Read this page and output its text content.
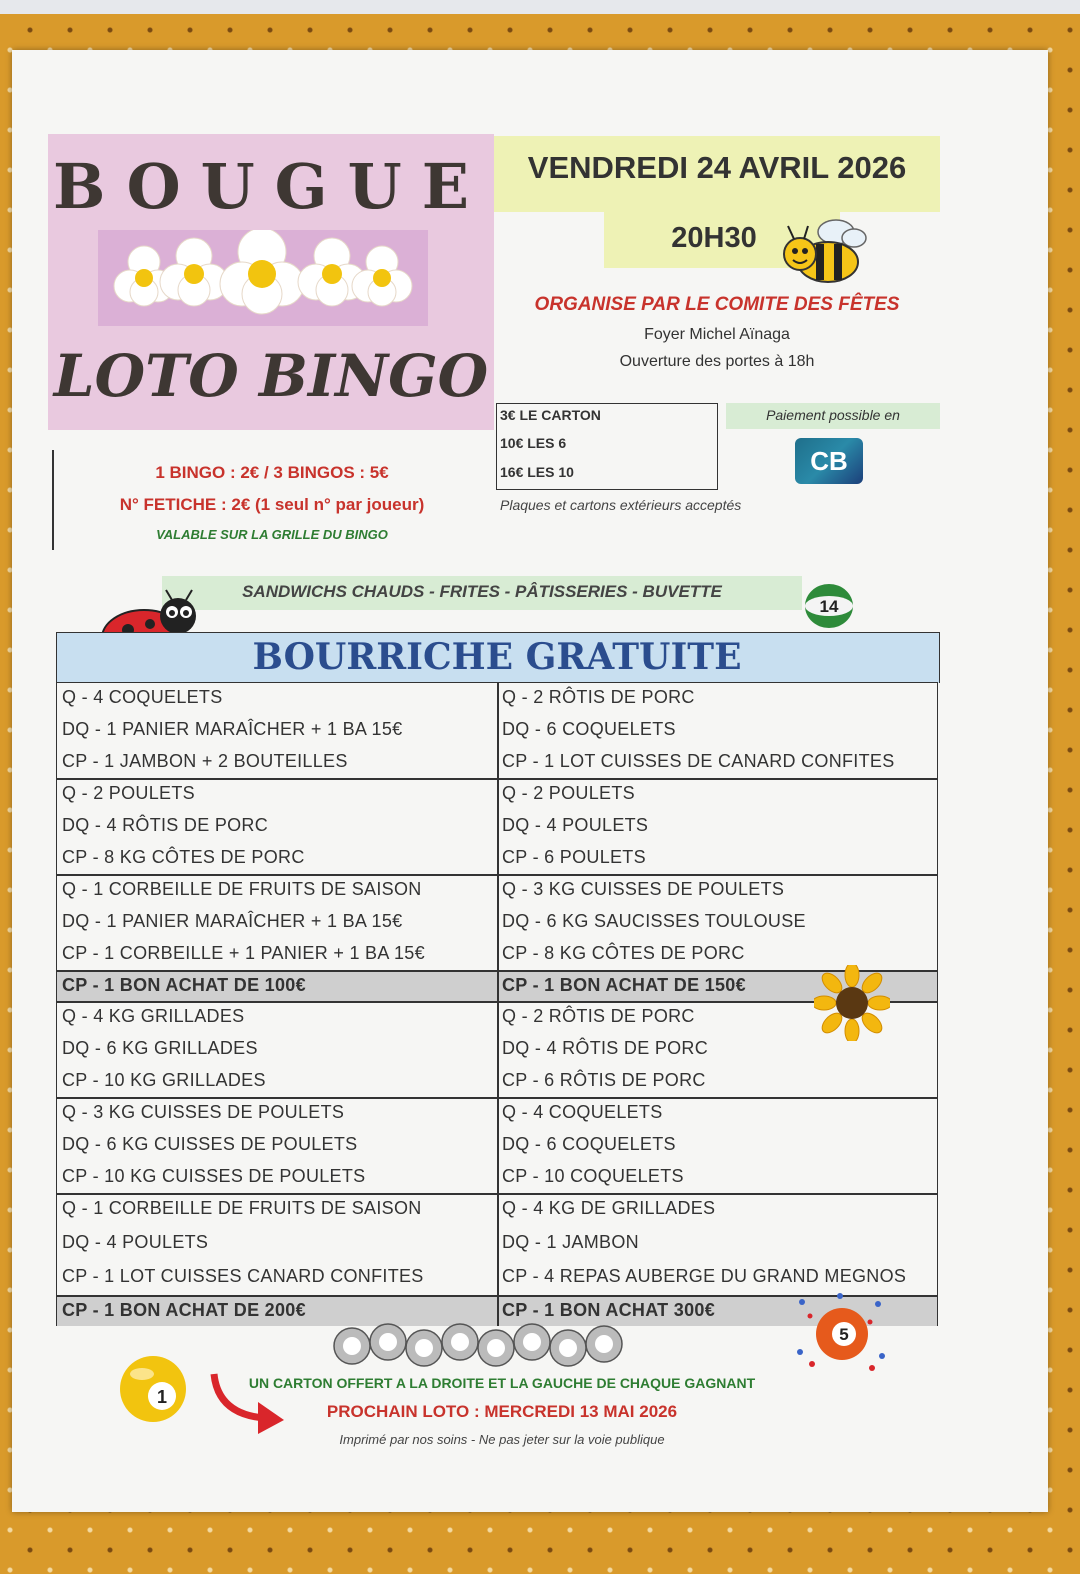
BOUGUE
LOTO BINGO
VENDREDI 24 AVRIL 2026
20H30
ORGANISE PAR LE COMITE DES FÊTES
Foyer Michel Aïnaga
Ouverture des portes à 18h
3€ LE CARTON
10€ LES 6
16€ LES 10
Paiement possible en
CB
Plaques et cartons extérieurs acceptés
1 BINGO : 2€ / 3 BINGOS : 5€
N° FETICHE : 2€ (1 seul n° par joueur)
VALABLE SUR LA GRILLE DU BINGO
SANDWICHS CHAUDS - FRITES - PÂTISSERIES - BUVETTE
14
BOURRICHE GRATUITE
Q - 4 COQUELETS
DQ - 1 PANIER MARAÎCHER + 1 BA 15€
CP - 1 JAMBON + 2 BOUTEILLES
Q - 2 POULETS
DQ - 4 RÔTIS DE PORC
CP - 8 KG CÔTES DE PORC
Q - 1 CORBEILLE DE FRUITS DE SAISON
DQ - 1 PANIER MARAÎCHER + 1 BA 15€
CP - 1 CORBEILLE + 1 PANIER + 1 BA 15€
CP - 1 BON ACHAT DE 100€
Q - 4 KG GRILLADES
DQ - 6 KG GRILLADES
CP - 10 KG GRILLADES
Q - 3 KG CUISSES DE POULETS
DQ - 6 KG CUISSES DE POULETS
CP - 10 KG CUISSES DE POULETS
Q - 1 CORBEILLE DE FRUITS DE SAISON
DQ - 4 POULETS
CP - 1 LOT CUISSES CANARD CONFITES
CP - 1 BON ACHAT DE 200€
Q - 2 RÔTIS DE PORC
DQ - 6 COQUELETS
CP - 1 LOT CUISSES DE CANARD CONFITES
Q - 2 POULETS
DQ - 4 POULETS
CP - 6 POULETS
Q - 3 KG CUISSES DE POULETS
DQ - 6 KG SAUCISSES TOULOUSE
CP - 8 KG CÔTES DE PORC
CP - 1 BON ACHAT DE 150€
Q - 2 RÔTIS DE PORC
DQ - 4 RÔTIS DE PORC
CP - 6 RÔTIS DE PORC
Q - 4 COQUELETS
DQ - 6 COQUELETS
CP - 10 COQUELETS
Q - 4 KG DE GRILLADES
DQ - 1 JAMBON
CP - 4 REPAS AUBERGE DU GRAND MEGNOS
CP - 1 BON ACHAT 300€
5
1
UN CARTON OFFERT A LA DROITE ET LA GAUCHE DE CHAQUE GAGNANT
PROCHAIN LOTO : MERCREDI 13 MAI 2026
Imprimé par nos soins - Ne pas jeter sur la voie publique
